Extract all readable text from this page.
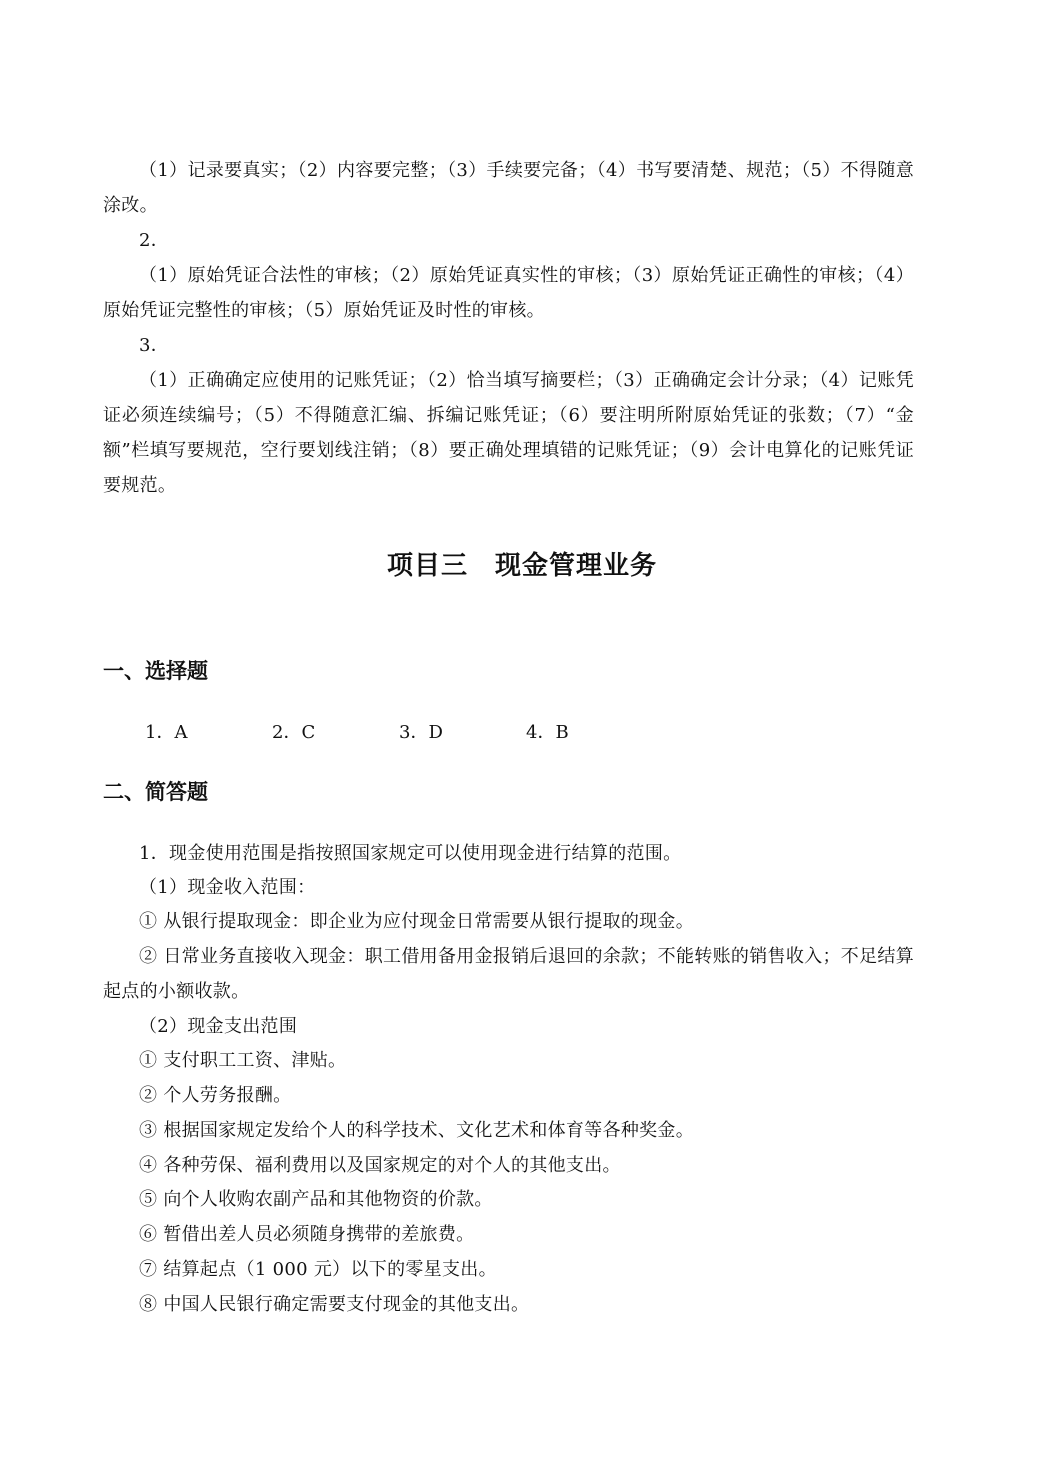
（1）记录要真实；（2）内容要完整；（3）手续要完备；（4）书写要清楚、规范；（5）不得随意涂改。

2．

（1）原始凭证合法性的审核；（2）原始凭证真实性的审核；（3）原始凭证正确性的审核；（4）原始凭证完整性的审核；（5）原始凭证及时性的审核。

3．

（1）正确确定应使用的记账凭证；（2）恰当填写摘要栏；（3）正确确定会计分录；（4）记账凭证必须连续编号；（5）不得随意汇编、拆编记账凭证；（6）要注明所附原始凭证的张数；（7）“金额”栏填写要规范，空行要划线注销；（8）要正确处理填错的记账凭证；（9）会计电算化的记账凭证要规范。

项目三　现金管理业务
一、选择题
1．A	2．C	3．D	4．B
二、简答题

1．现金使用范围是指按照国家规定可以使用现金进行结算的范围。

（1）现金收入范围：

① 从银行提取现金：即企业为应付现金日常需要从银行提取的现金。

② 日常业务直接收入现金：职工借用备用金报销后退回的余款；不能转账的销售收入；不足结算起点的小额收款。

（2）现金支出范围

① 支付职工工资、津贴。

② 个人劳务报酬。

③ 根据国家规定发给个人的科学技术、文化艺术和体育等各种奖金。

④ 各种劳保、福利费用以及国家规定的对个人的其他支出。

⑤ 向个人收购农副产品和其他物资的价款。

⑥ 暂借出差人员必须随身携带的差旅费。

⑦ 结算起点（1 000 元）以下的零星支出。

⑧ 中国人民银行确定需要支付现金的其他支出。
